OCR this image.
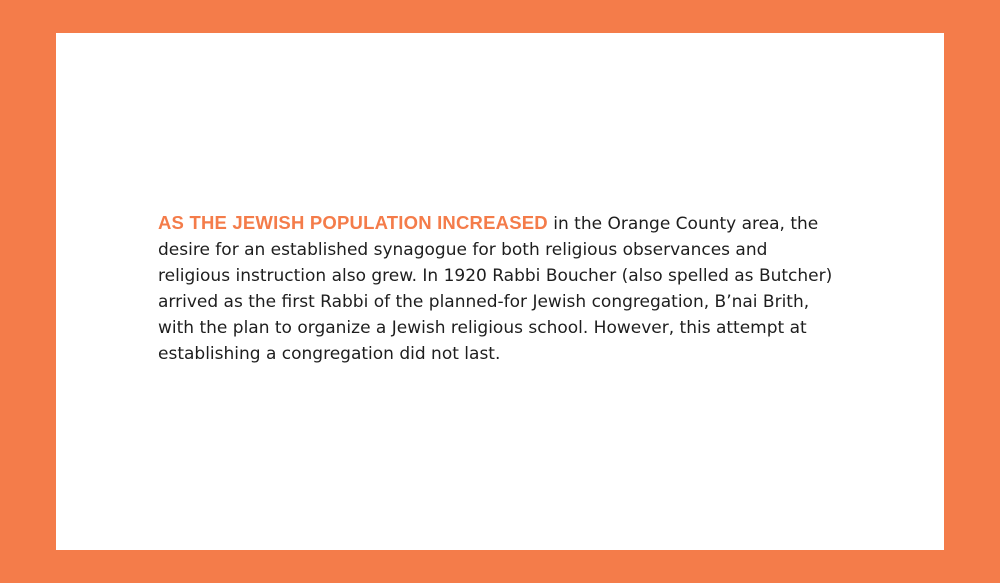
AS THE JEWISH POPULATION INCREASED in the Orange County area, the desire for an established synagogue for both religious observances and religious instruction also grew. In 1920 Rabbi Boucher (also spelled as Butcher) arrived as the first Rabbi of the planned-for Jewish congregation, B’nai Brith, with the plan to organize a Jewish religious school. However, this attempt at establishing a congregation did not last.
